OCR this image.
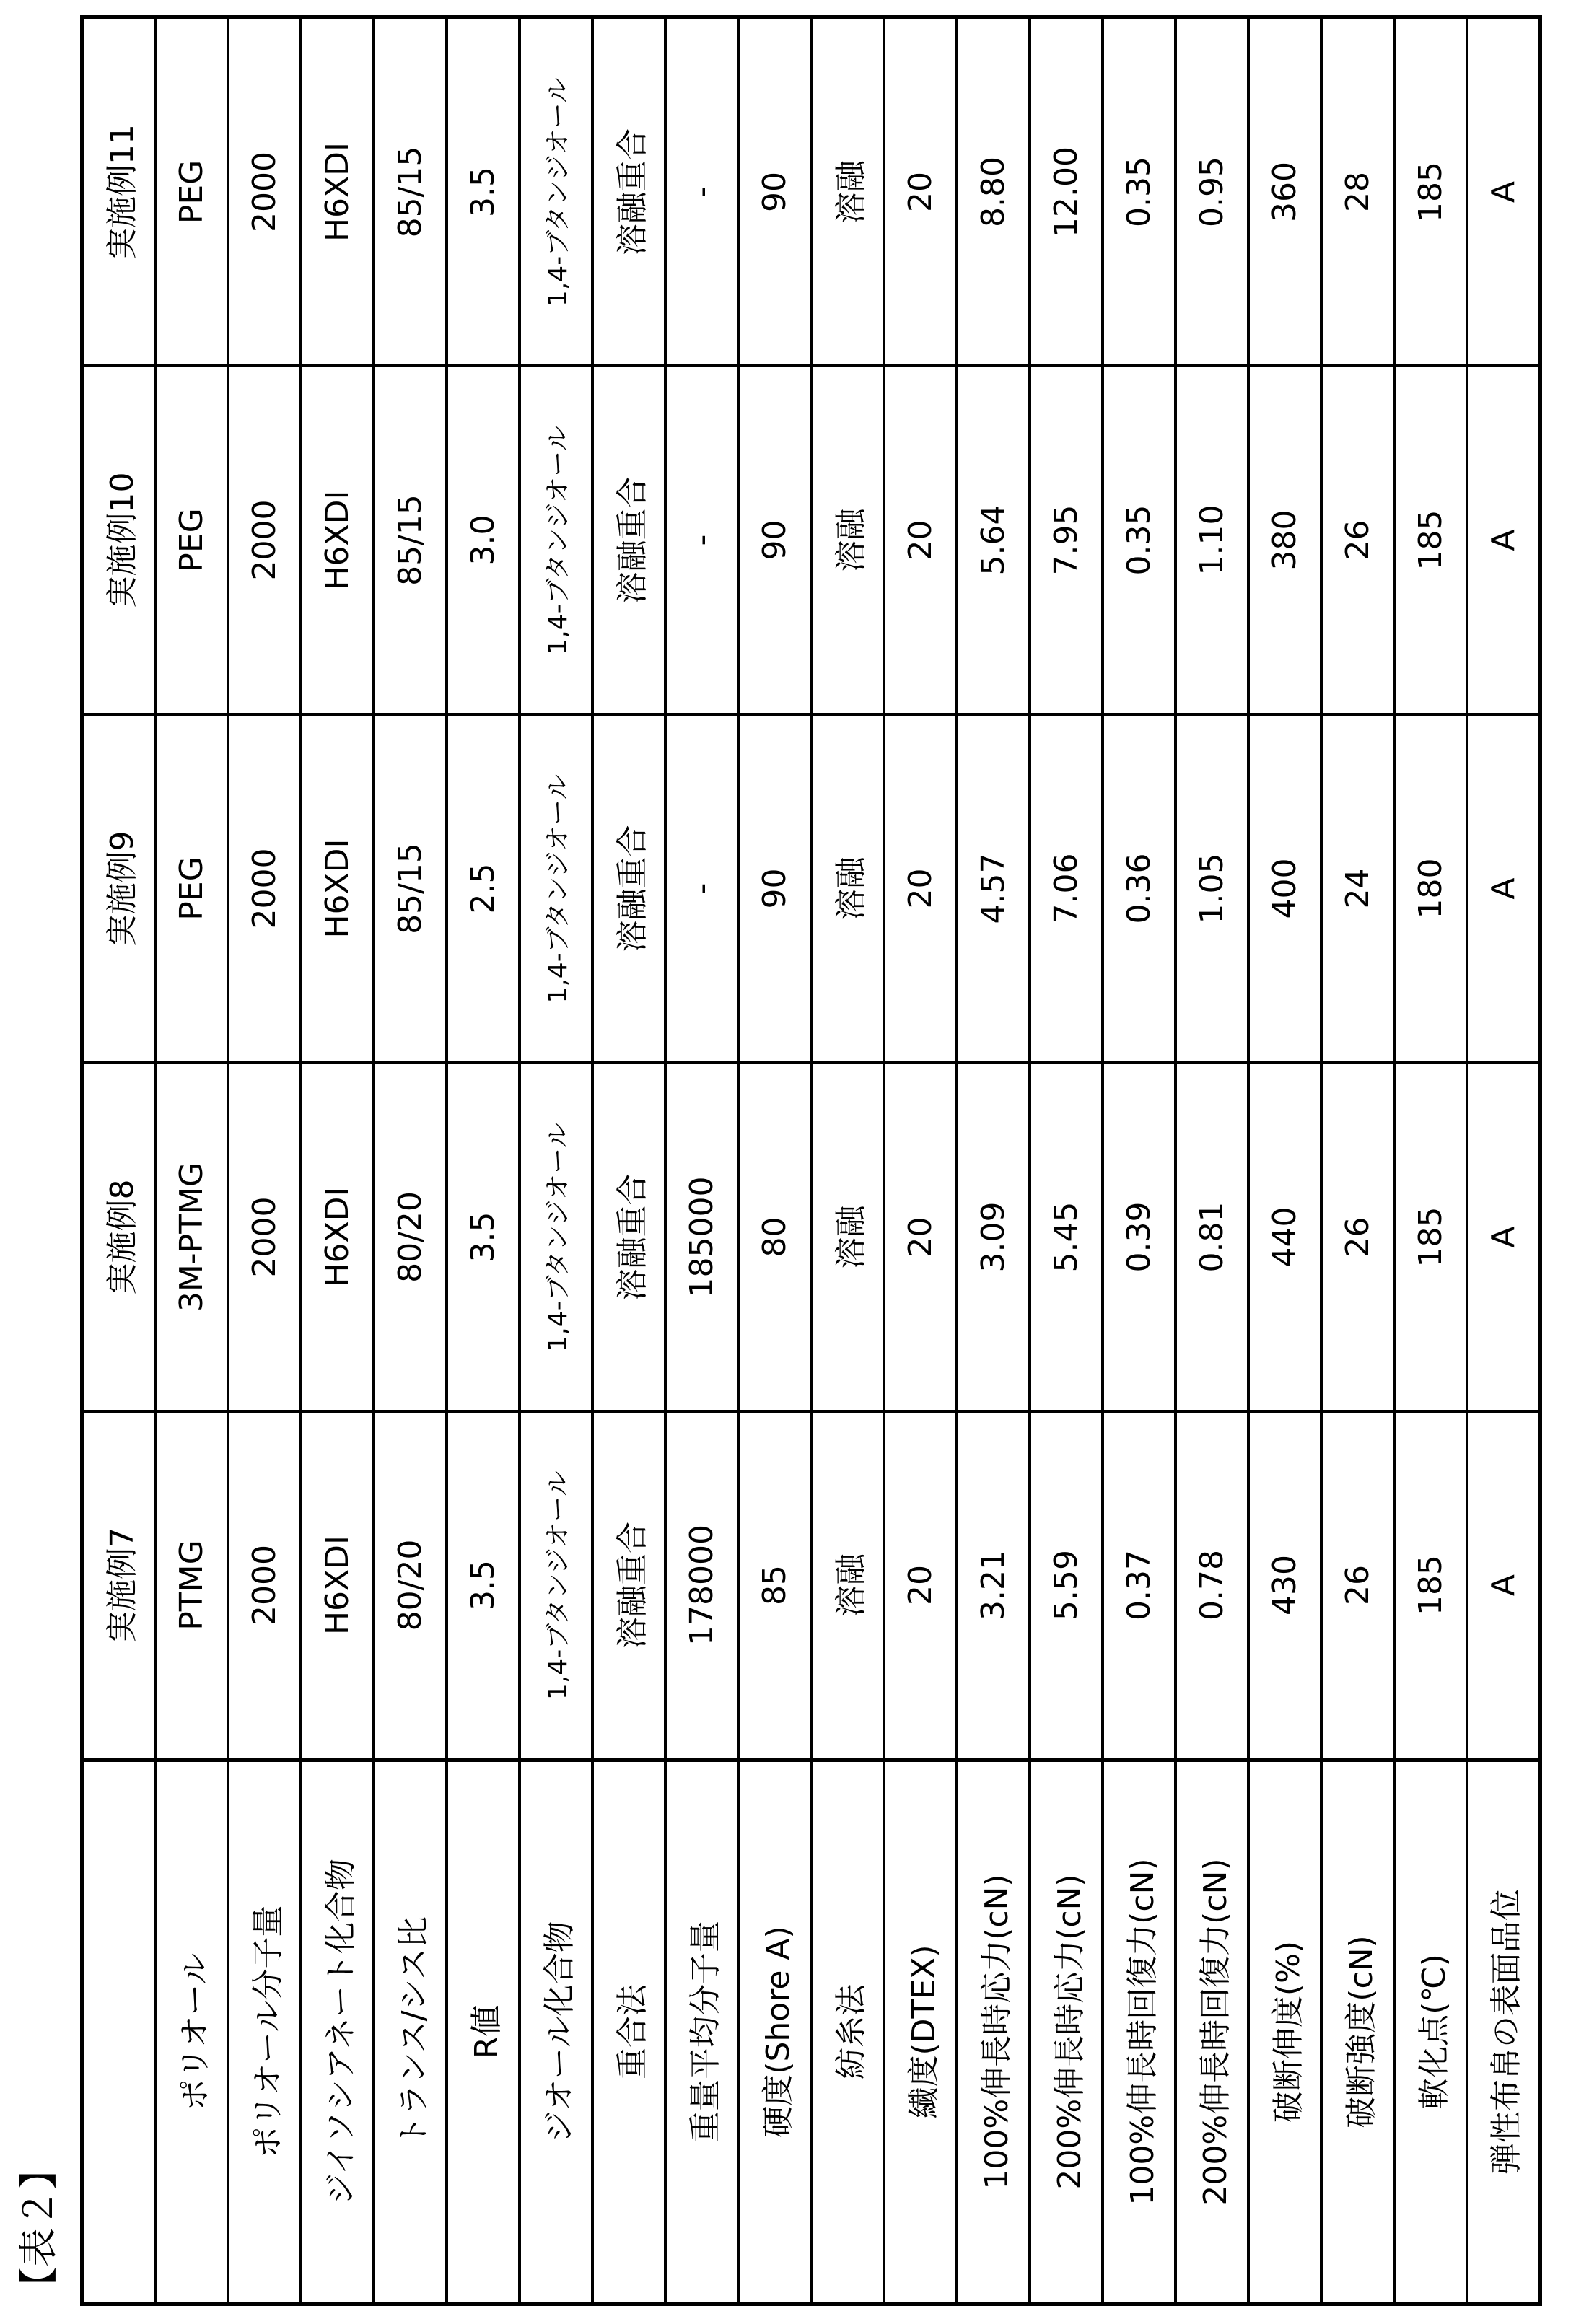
【表２】
	実施例7	実施例8	実施例9	実施例10	実施例11
ポリオール	PTMG	3M-PTMG	PEG	PEG	PEG
ポリオール分子量	2000	2000	2000	2000	2000
ジイソシアネート化合物	H6XDI	H6XDI	H6XDI	H6XDI	H6XDI
トランス/シス比	80/20	80/20	85/15	85/15	85/15
R値	3.5	3.5	2.5	3.0	3.5
ジオール化合物	1,4-ブタンジオール	1,4-ブタンジオール	1,4-ブタンジオール	1,4-ブタンジオール	1,4-ブタンジオール
重合法	溶融重合	溶融重合	溶融重合	溶融重合	溶融重合
重量平均分子量	178000	185000	-	-	-
硬度(Shore A)	85	80	90	90	90
紡糸法	溶融	溶融	溶融	溶融	溶融
繊度(DTEX)	20	20	20	20	20
100%伸長時応力(cN)	3.21	3.09	4.57	5.64	8.80
200%伸長時応力(cN)	5.59	5.45	7.06	7.95	12.00
100%伸長時回復力(cN)	0.37	0.39	0.36	0.35	0.35
200%伸長時回復力(cN)	0.78	0.81	1.05	1.10	0.95
破断伸度(%)	430	440	400	380	360
破断強度(cN)	26	26	24	26	28
軟化点(℃)	185	185	180	185	185
弾性布帛の表面品位	A	A	A	A	A
